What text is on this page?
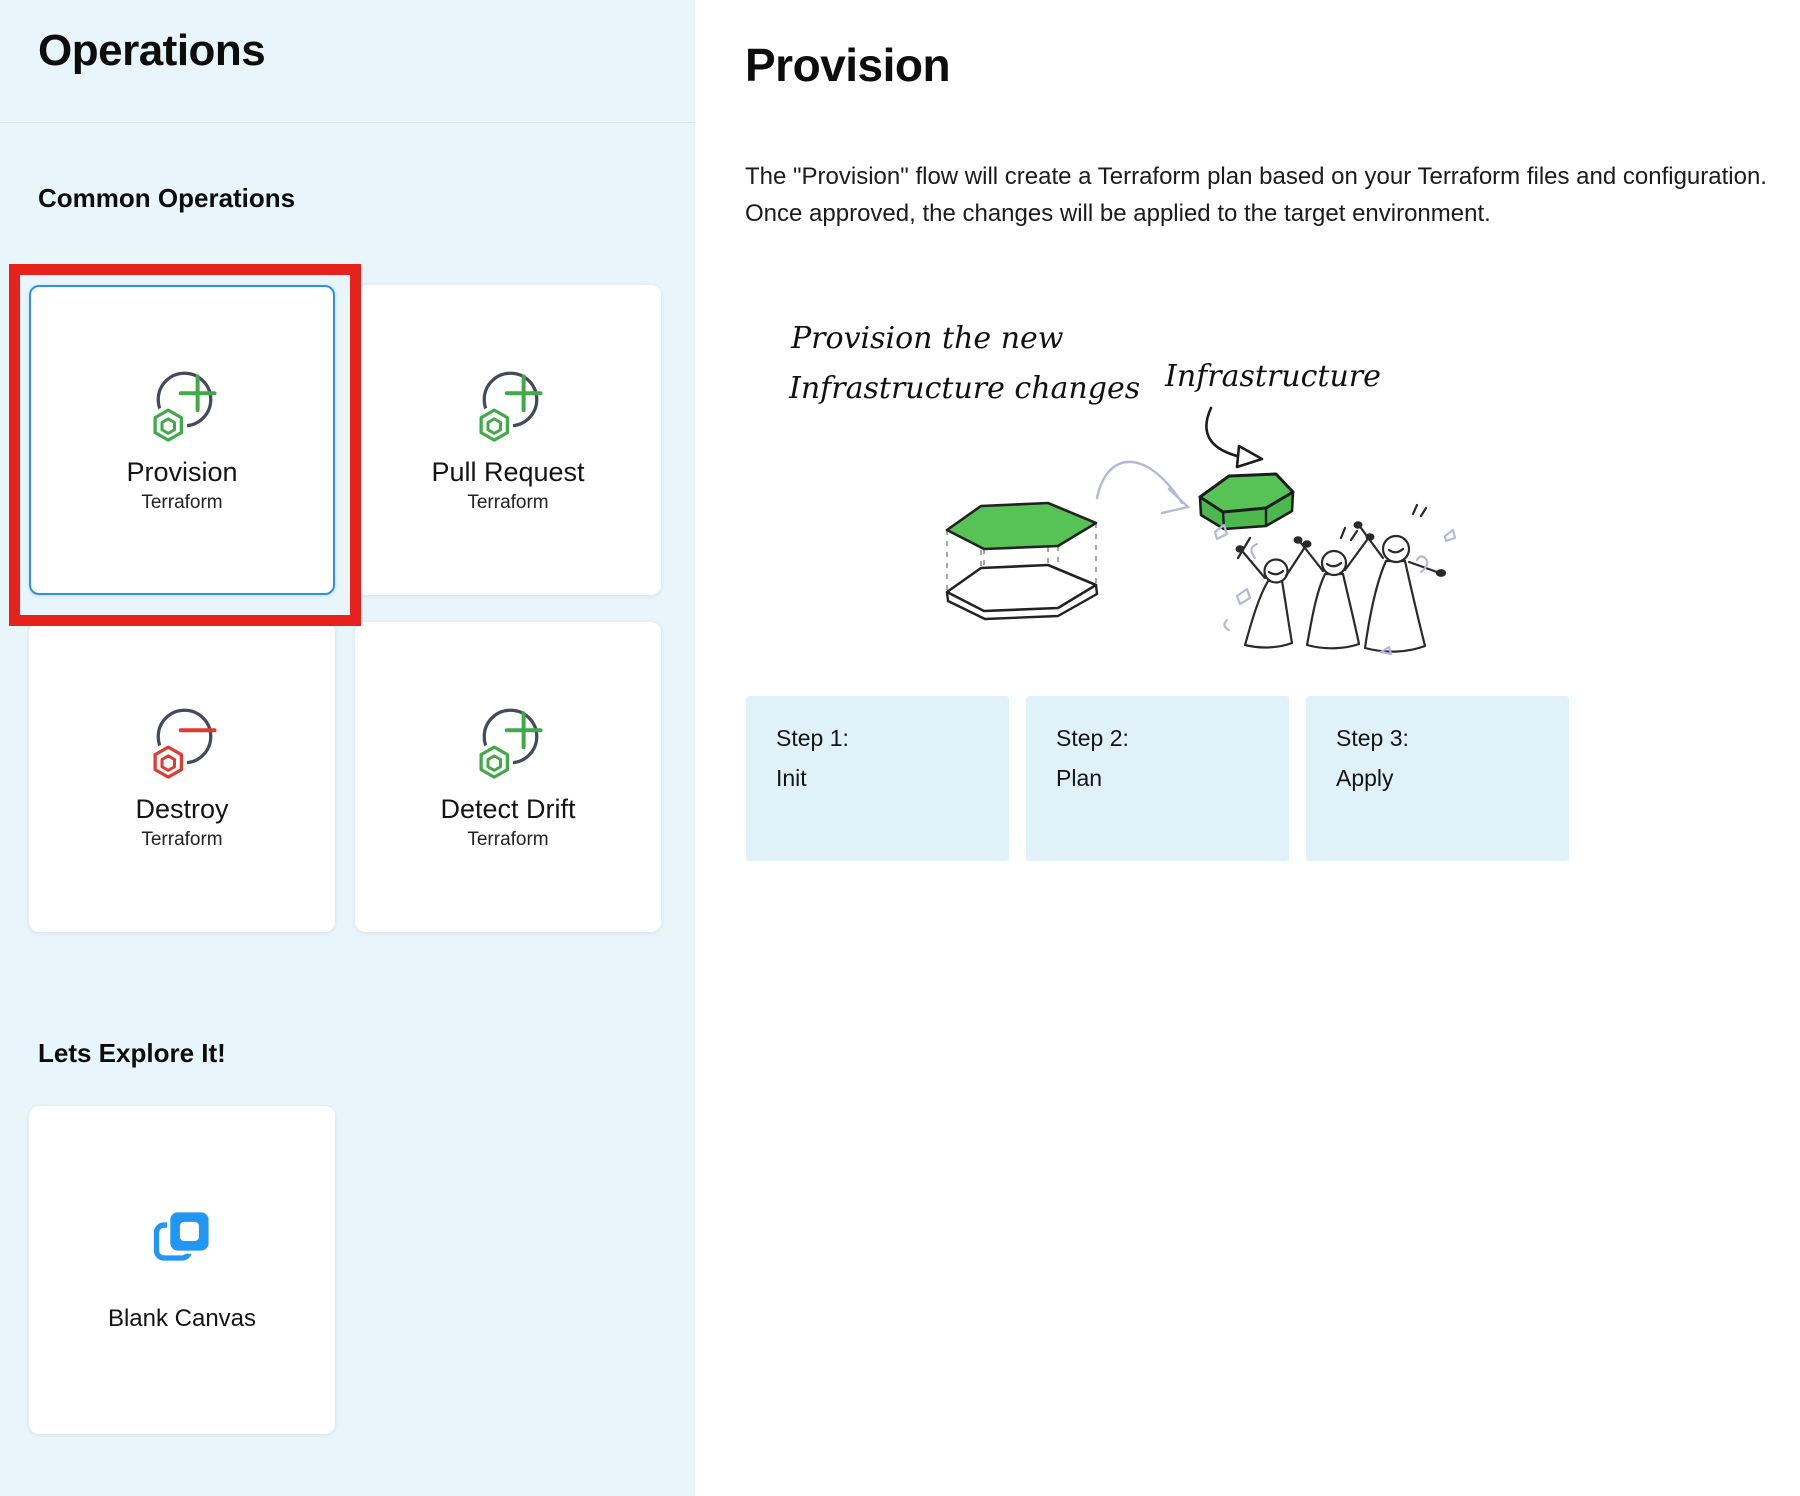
Operations
Common Operations
Provision
Terraform
Pull Request
Terraform
Destroy
Terraform
Detect Drift
Terraform
Lets Explore It!
Blank Canvas
Provision

The "Provision" flow will create a Terraform plan based on your Terraform files and configuration. Once approved, the changes will be applied to the target environment.

Provision the new
Infrastructure changes Infrastructure
Step 1:
Init
Step 2:
Plan
Step 3:
Apply
